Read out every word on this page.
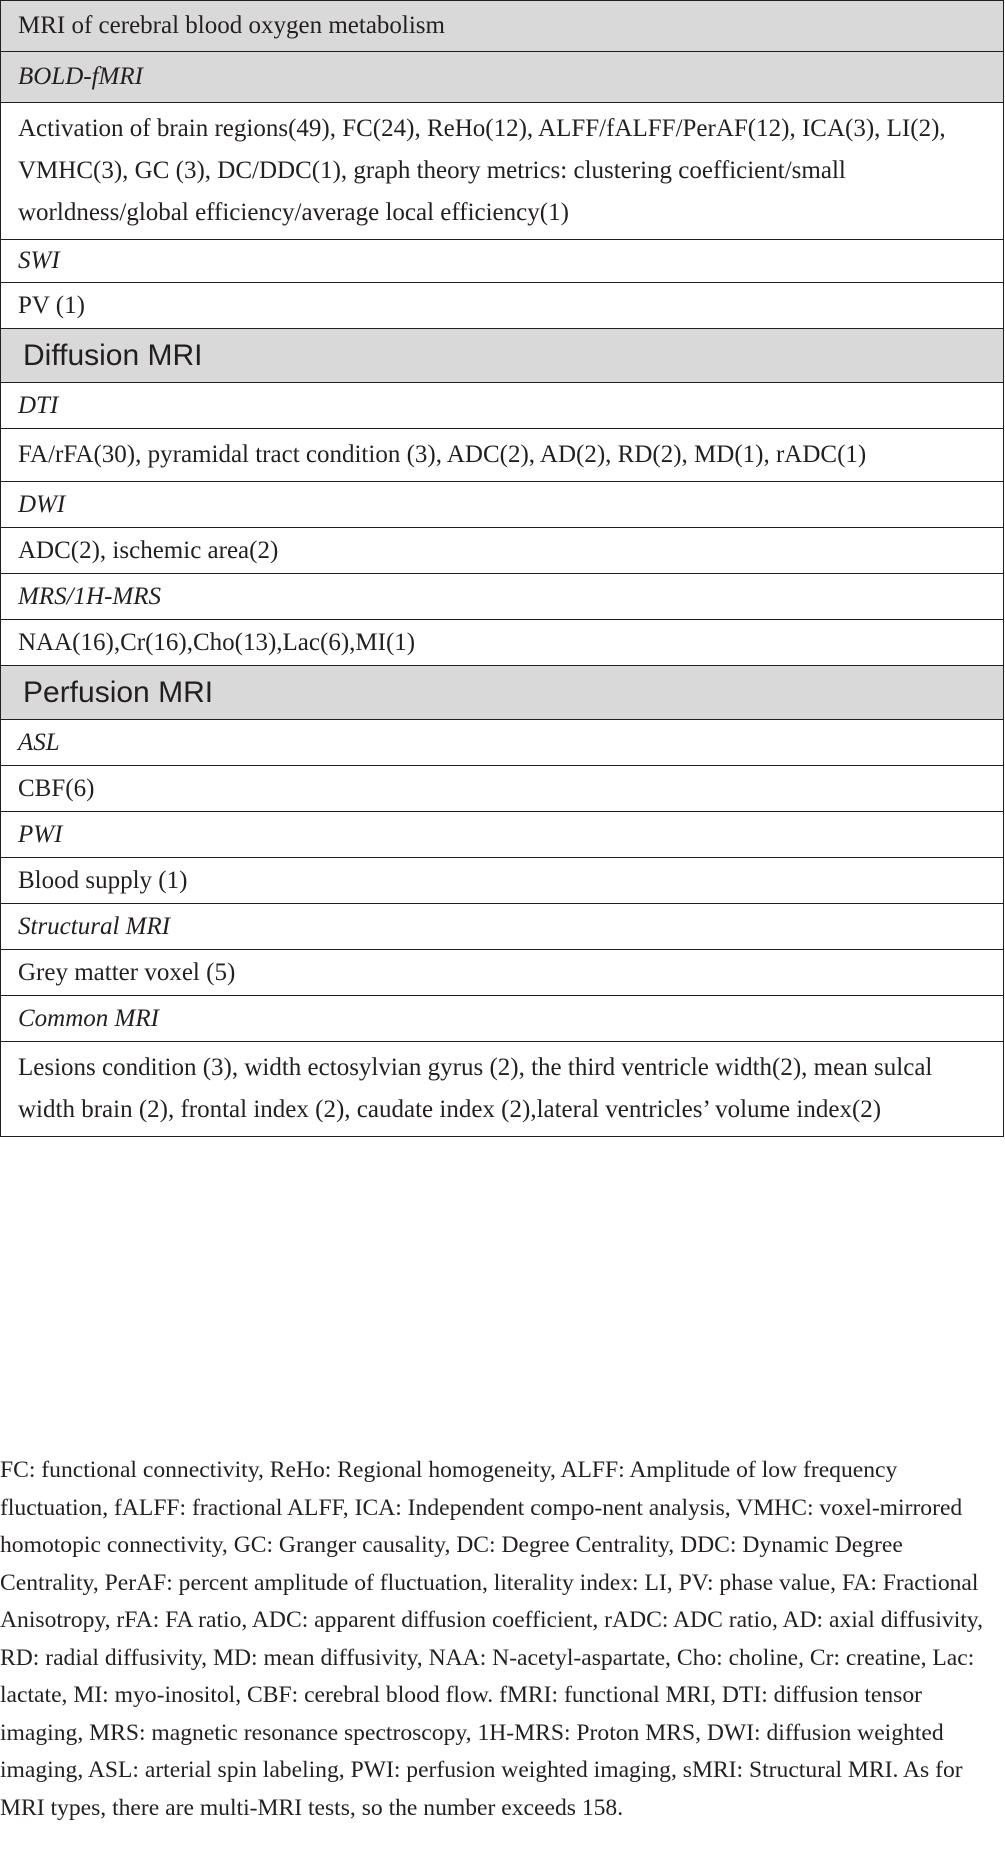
MRI of cerebral blood oxygen metabolism
BOLD-fMRI

Activation of brain regions(49), FC(24), ReHo(12), ALFF/fALFF/PerAF(12), ICA(3), LI(2), VMHC(3), GC (3), DC/DDC(1), graph theory metrics: clustering coefficient/small worldness/global efficiency/average local efficiency(1)

SWI
PV (1)
Diffusion MRI
DTI

FA/rFA(30), pyramidal tract condition (3), ADC(2), AD(2), RD(2), MD(1), rADC(1)

DWI
ADC(2), ischemic area(2)
MRS/1H-MRS
NAA(16),Cr(16),Cho(13),Lac(6),MI(1)
Perfusion MRI
ASL
CBF(6)
PWI
Blood supply (1)
Structural MRI
Grey matter voxel (5)
Common MRI

Lesions condition (3), width ectosylvian gyrus (2), the third ventricle width(2), mean sulcal width brain (2), frontal index (2), caudate index (2),lateral ventricles’ volume index(2)

FC: functional connectivity, ReHo: Regional homogeneity, ALFF: Amplitude of low frequency fluctuation, fALFF: fractional ALFF, ICA: Independent compo-nent analysis, VMHC: voxel-mirrored homotopic connectivity, GC: Granger causality, DC: Degree Centrality, DDC: Dynamic Degree Centrality, PerAF: percent amplitude of fluctuation, literality index: LI, PV: phase value, FA: Fractional Anisotropy, rFA: FA ratio, ADC: apparent diffusion coefficient, rADC: ADC ratio, AD: axial diffusivity, RD: radial diffusivity, MD: mean diffusivity, NAA: N-acetyl-aspartate, Cho: choline, Cr: creatine, Lac: lactate, MI: myo-inositol, CBF: cerebral blood flow. fMRI: functional MRI, DTI: diffusion tensor imaging, MRS: magnetic resonance spectroscopy, 1H-MRS: Proton MRS, DWI: diffusion weighted imaging, ASL: arterial spin labeling, PWI: perfusion weighted imaging, sMRI: Structural MRI. As for MRI types, there are multi-MRI tests, so the number exceeds 158.
